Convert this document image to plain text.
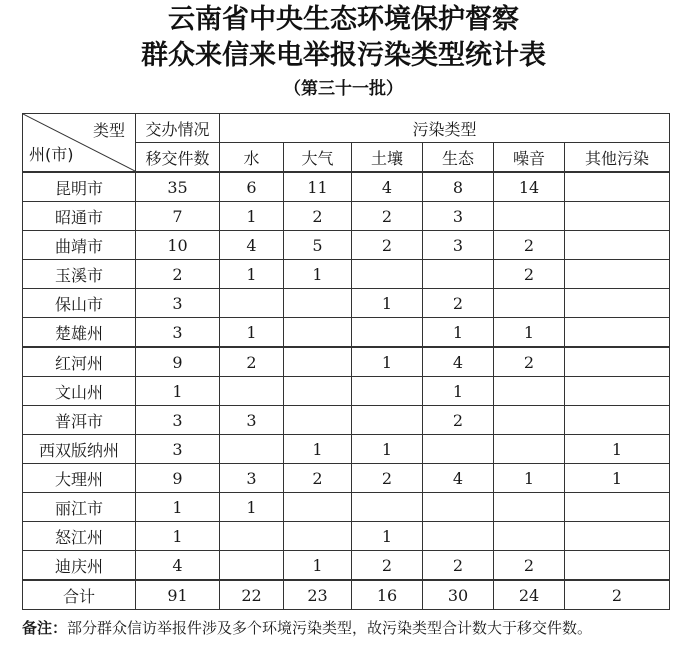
云南省中央生态环境保护督察
群众来信来电举报污染类型统计表
（第三十一批）
类型
州(市)	交办情况	污染类型					
	移交件数	水	大气	土壤	生态	噪音	其他污染
昆明市	35	6	11	4	8	14	
昭通市	7	1	2	2	3		
曲靖市	10	4	5	2	3	2	
玉溪市	2	1	1			2	
保山市	3			1	2		
楚雄州	3	1			1	1	
红河州	9	2		1	4	2	
文山州	1				1		
普洱市	3	3			2		
西双版纳州	3		1	1			1
大理州	9	3	2	2	4	1	1
丽江市	1	1					
怒江州	1			1			
迪庆州	4		1	2	2	2	
合计	91	22	23	16	30	24	2
备注：部分群众信访举报件涉及多个环境污染类型，故污染类型合计数大于移交件数。
